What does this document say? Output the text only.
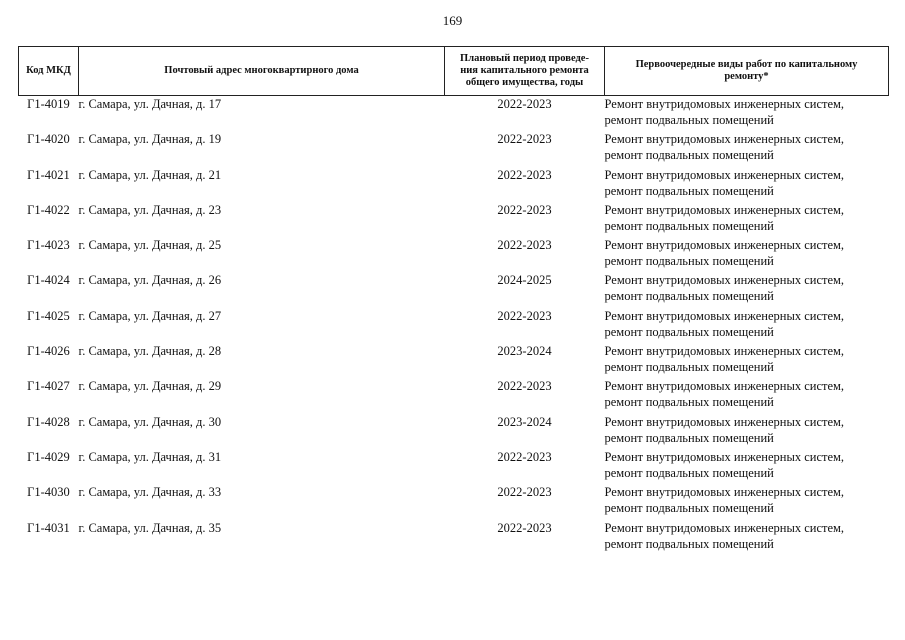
169
Код МКД	Почтовый адрес многоквартирного дома	Плановый период проведе-
ния капитального ремонта
общего имущества, годы	Первоочередные виды работ по капитальному
ремонту*

Г1-4019	г. Самара, ул. Дачная, д. 17	2022-2023	Ремонт внутридомовых инженерных систем,
ремонт подвальных помещений

Г1-4020	г. Самара, ул. Дачная, д. 19	2022-2023	Ремонт внутридомовых инженерных систем,
ремонт подвальных помещений

Г1-4021	г. Самара, ул. Дачная, д. 21	2022-2023	Ремонт внутридомовых инженерных систем,
ремонт подвальных помещений

Г1-4022	г. Самара, ул. Дачная, д. 23	2022-2023	Ремонт внутридомовых инженерных систем,
ремонт подвальных помещений

Г1-4023	г. Самара, ул. Дачная, д. 25	2022-2023	Ремонт внутридомовых инженерных систем,
ремонт подвальных помещений

Г1-4024	г. Самара, ул. Дачная, д. 26	2024-2025	Ремонт внутридомовых инженерных систем,
ремонт подвальных помещений

Г1-4025	г. Самара, ул. Дачная, д. 27	2022-2023	Ремонт внутридомовых инженерных систем,
ремонт подвальных помещений

Г1-4026	г. Самара, ул. Дачная, д. 28	2023-2024	Ремонт внутридомовых инженерных систем,
ремонт подвальных помещений

Г1-4027	г. Самара, ул. Дачная, д. 29	2022-2023	Ремонт внутридомовых инженерных систем,
ремонт подвальных помещений

Г1-4028	г. Самара, ул. Дачная, д. 30	2023-2024	Ремонт внутридомовых инженерных систем,
ремонт подвальных помещений

Г1-4029	г. Самара, ул. Дачная, д. 31	2022-2023	Ремонт внутридомовых инженерных систем,
ремонт подвальных помещений

Г1-4030	г. Самара, ул. Дачная, д. 33	2022-2023	Ремонт внутридомовых инженерных систем,
ремонт подвальных помещений

Г1-4031	г. Самара, ул. Дачная, д. 35	2022-2023	Ремонт внутридомовых инженерных систем,
ремонт подвальных помещений
